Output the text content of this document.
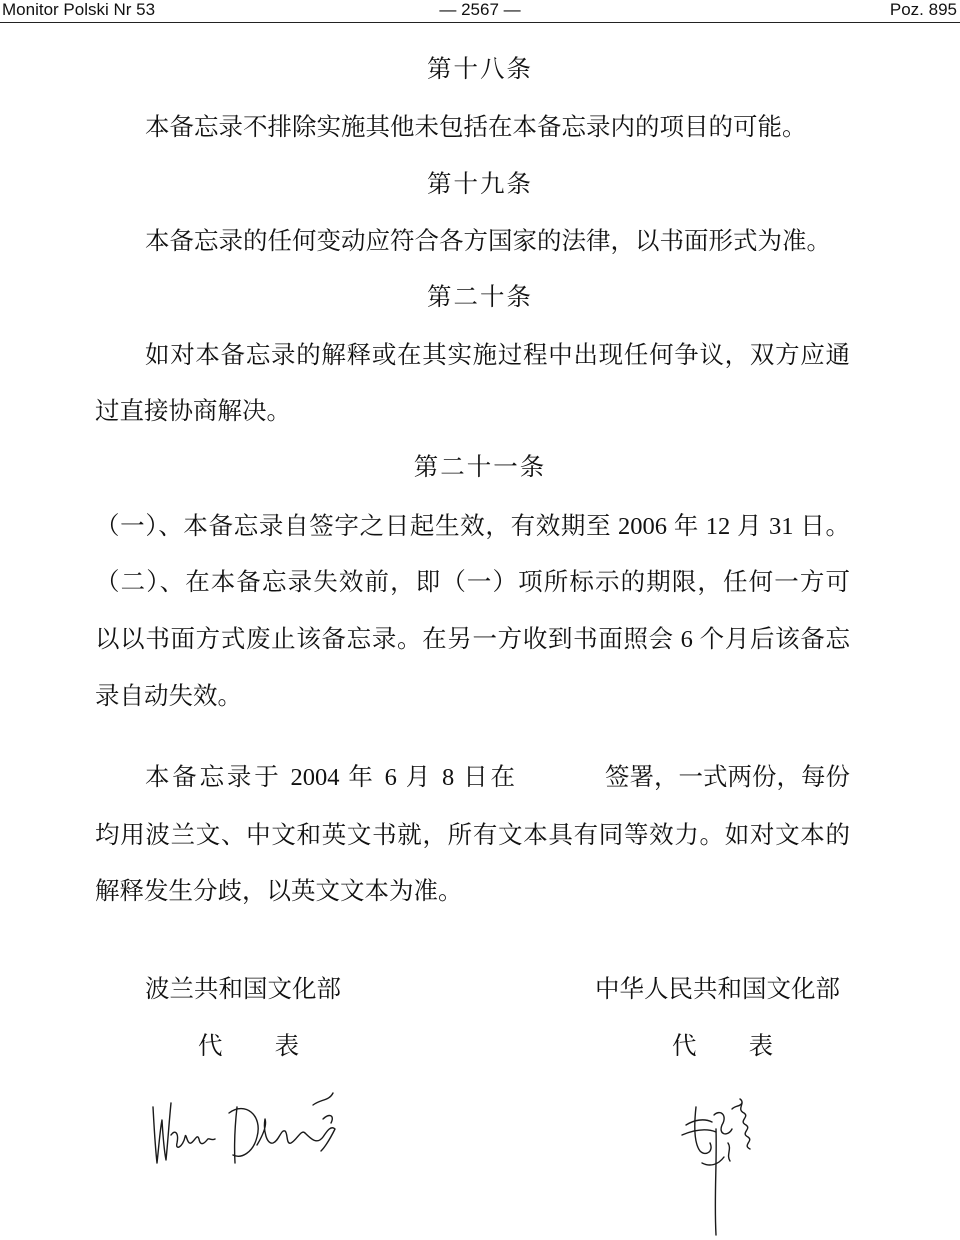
Monitor Polski Nr 53	— 2567 —	Poz. 895
第十八条
本备忘录不排除实施其他未包括在本备忘录内的项目的可能。
第十九条
本备忘录的任何变动应符合各方国家的法律，以书面形式为准。
第二十条
如对本备忘录的解释或在其实施过程中出现任何争议，双方应通
过直接协商解决。
第二十一条
（一）、本备忘录自签字之日起生效，有效期至 2006 年 12 月 31 日。
（二）、在本备忘录失效前，即（一）项所标示的期限，任何一方可
以以书面方式废止该备忘录。在另一方收到书面照会 6 个月后该备忘
录自动失效。
本备忘录于 2004 年 6 月 8 日在	签署，一式两份，每份
均用波兰文、中文和英文书就，所有文本具有同等效力。如对文本的
解释发生分歧，以英文文本为准。
波兰共和国文化部	中华人民共和国文化部
代 表	代 表
